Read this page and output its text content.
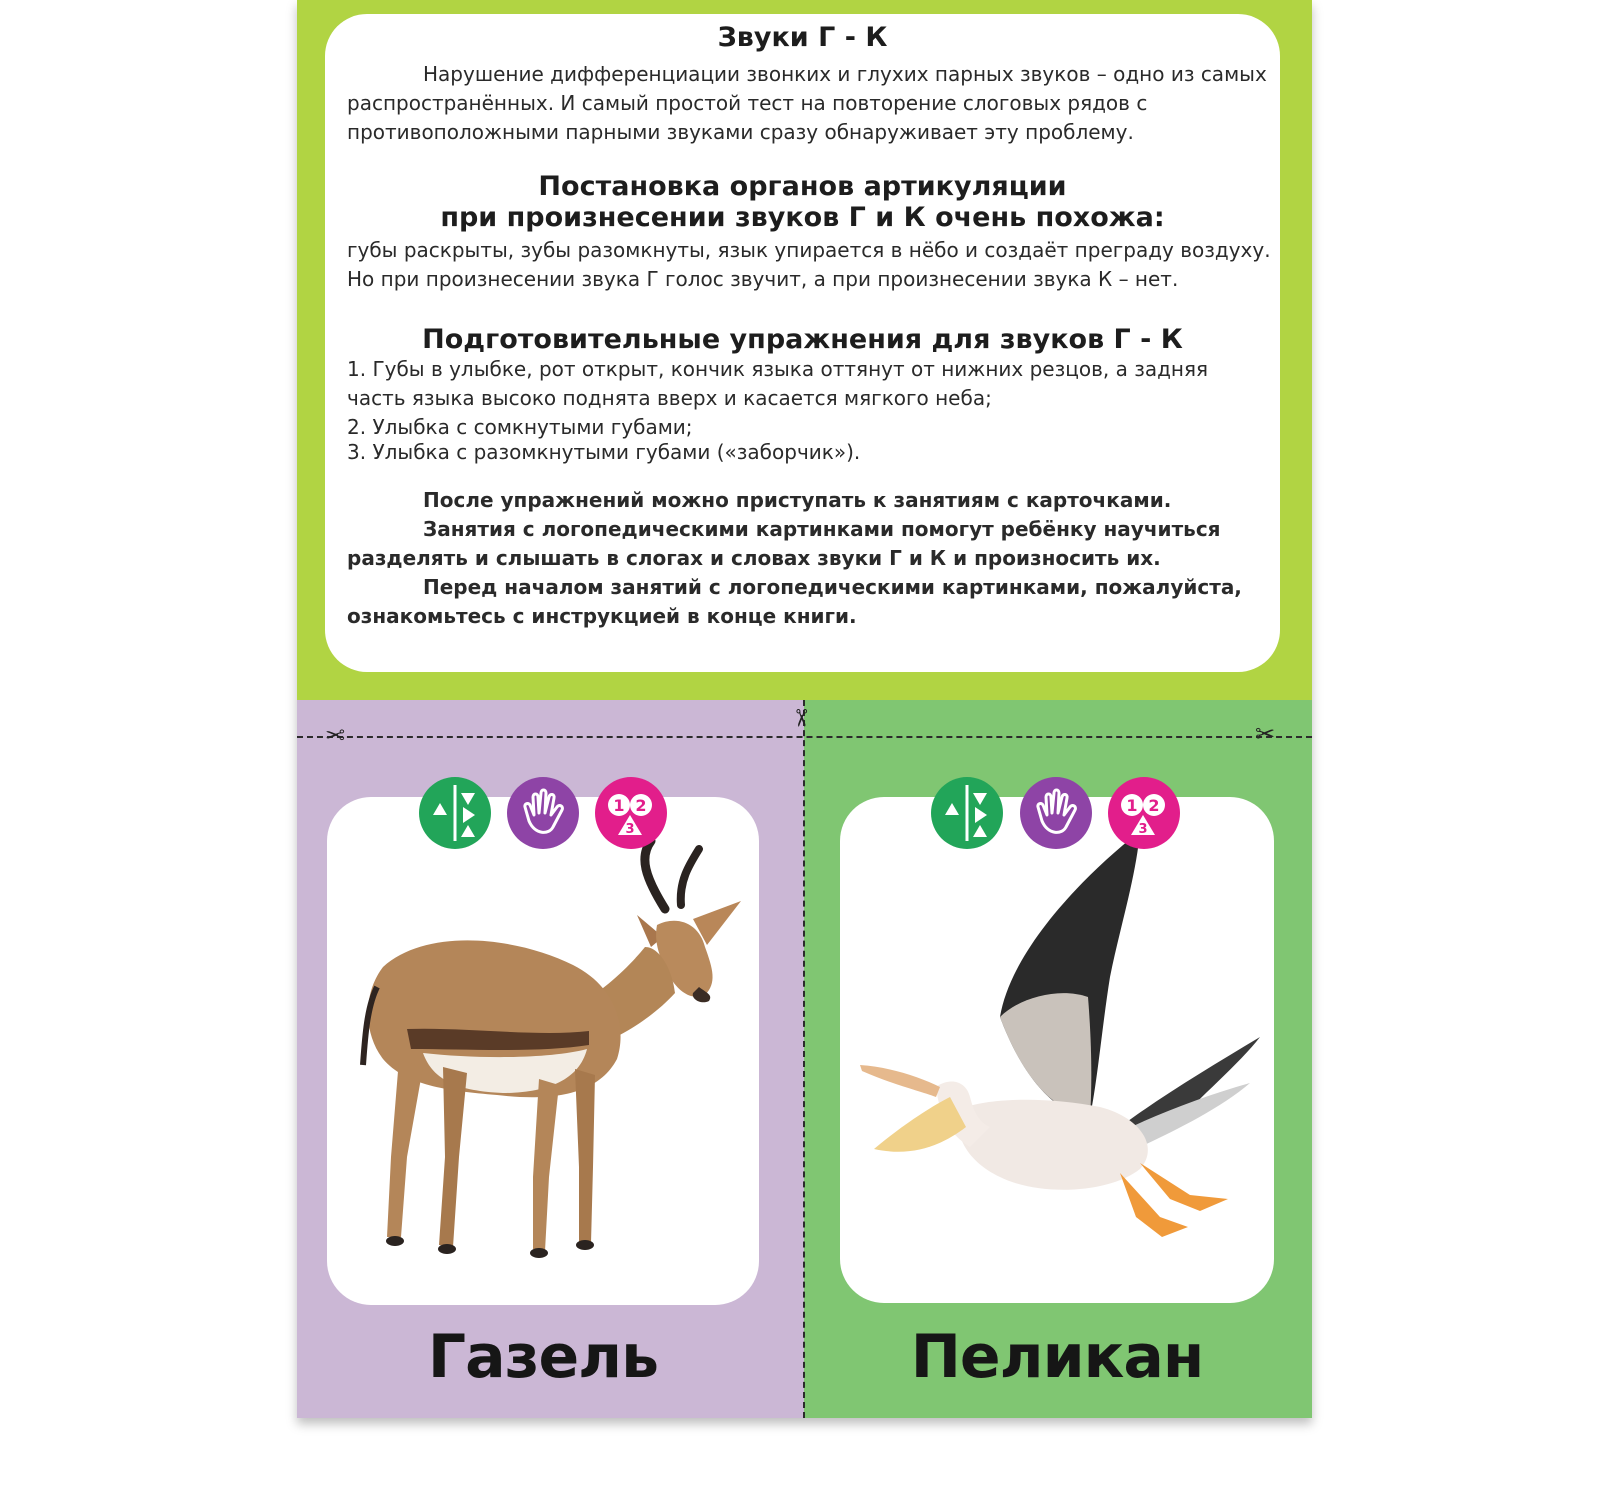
Звуки Г - К

Нарушение дифференциации звонких и глухих парных звуков – одно из самых распространённых. И самый простой тест на повторение слоговых рядов с противоположными парными звуками сразу обнаруживает эту проблему.

Постановка органов артикуляции
при произнесении звуков Г и К очень похожа:

губы раскрыты, зубы разомкнуты, язык упирается в нёбо и создаёт преграду воздуху. Но при произнесении звука Г голос звучит, а при произнесении звука К – нет.

Подготовительные упражнения для звуков Г - К
1. Губы в улыбке, рот открыт, кончик языка оттянут от нижних резцов, а задняя часть языка высоко поднята вверх и касается мягкого неба;
2. Улыбка с сомкнутыми губами;
3. Улыбка с разомкнутыми губами («заборчик»).
После упражнений можно приступать к занятиям с карточками.
Занятия с логопедическими картинками помогут ребёнку научиться разделять и слышать в слогах и словах звуки Г и К и произносить их.
Перед началом занятий с логопедическими картинками, пожалуйста, ознакомьтесь с инструкцией в конце книги.
✂
✂
✂
1 2
3
Газель
1 2
3
Пеликан
